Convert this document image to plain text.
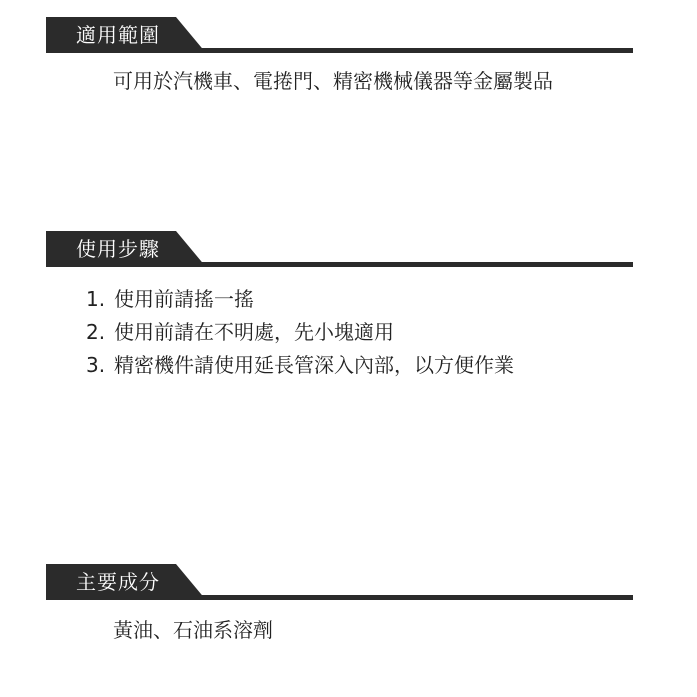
適用範圍
可用於汽機車、電捲門、精密機械儀器等金屬製品
使用步驟
1. 使用前請搖一搖
2. 使用前請在不明處，先小塊適用
3. 精密機件請使用延長管深入內部，以方便作業
主要成分
黃油、石油系溶劑
